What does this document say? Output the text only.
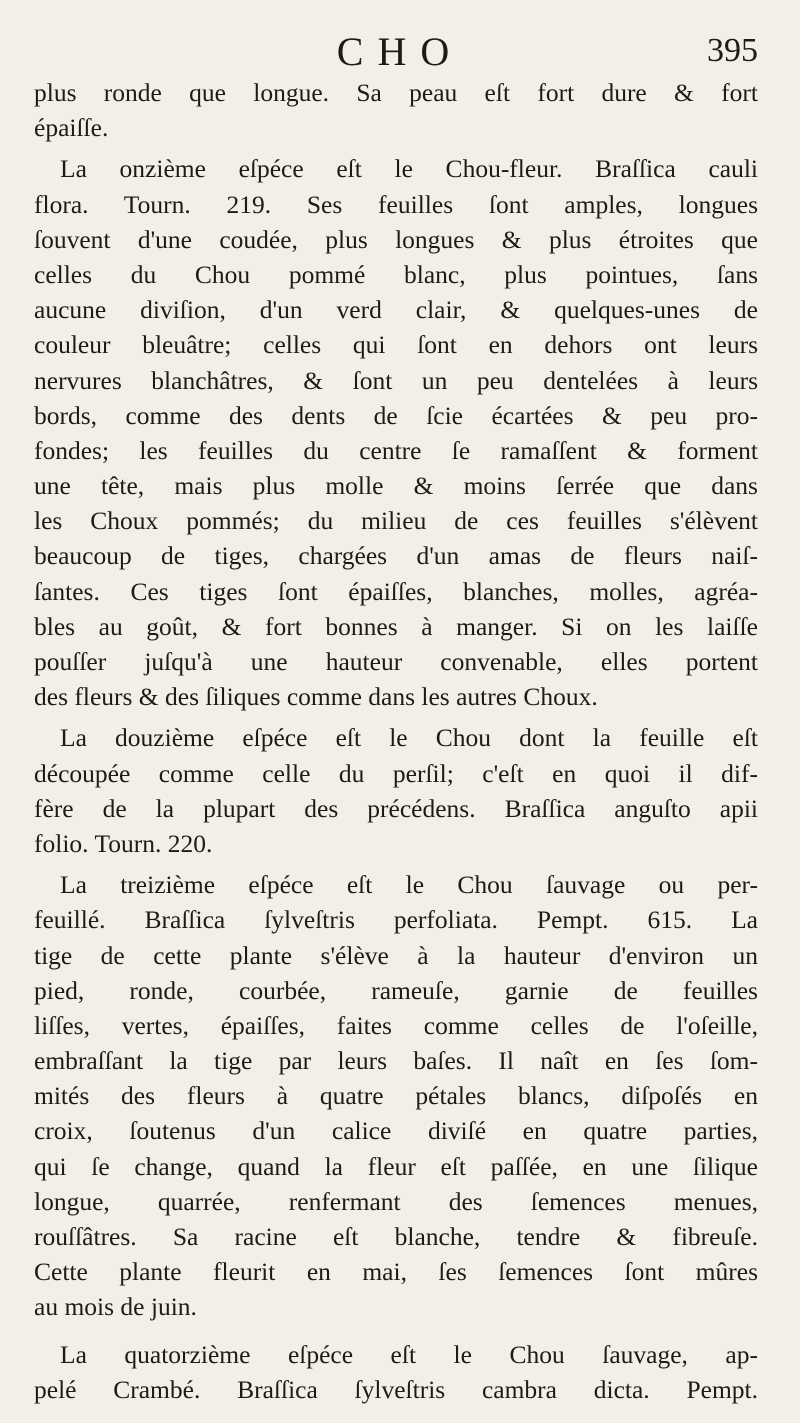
CHO	395
plus ronde que longue. Sa peau eſt fort dure & fort
épaiſſe.
La onzième eſpéce eſt le Chou-fleur. Braſſica cauli
flora. Tourn. 219. Ses feuilles ſont amples, longues
ſouvent d'une coudée, plus longues & plus étroites que
celles du Chou pommé blanc, plus pointues, ſans
aucune diviſion, d'un verd clair, & quelques-unes de
couleur bleuâtre; celles qui ſont en dehors ont leurs
nervures blanchâtres, & ſont un peu dentelées à leurs
bords, comme des dents de ſcie écartées & peu pro-
fondes; les feuilles du centre ſe ramaſſent & forment
une tête, mais plus molle & moins ſerrée que dans
les Choux pommés; du milieu de ces feuilles s'élèvent
beaucoup de tiges, chargées d'un amas de fleurs naiſ-
ſantes. Ces tiges ſont épaiſſes, blanches, molles, agréa-
bles au goût, & fort bonnes à manger. Si on les laiſſe
pouſſer juſqu'à une hauteur convenable, elles portent
des fleurs & des ſiliques comme dans les autres Choux.
La douzième eſpéce eſt le Chou dont la feuille eſt
découpée comme celle du perſil; c'eſt en quoi il dif-
fère de la plupart des précédens. Braſſica anguſto apii
folio. Tourn. 220.
La treizième eſpéce eſt le Chou ſauvage ou per-
feuillé. Braſſica ſylveſtris perfoliata. Pempt. 615. La
tige de cette plante s'élève à la hauteur d'environ un
pied, ronde, courbée, rameuſe, garnie de feuilles
liſſes, vertes, épaiſſes, faites comme celles de l'oſeille,
embraſſant la tige par leurs baſes. Il naît en ſes ſom-
mités des fleurs à quatre pétales blancs, diſpoſés en
croix, ſoutenus d'un calice diviſé en quatre parties,
qui ſe change, quand la fleur eſt paſſée, en une ſilique
longue, quarrée, renfermant des ſemences menues,
rouſſâtres. Sa racine eſt blanche, tendre & fibreuſe.
Cette plante fleurit en mai, ſes ſemences ſont mûres
au mois de juin.
La quatorzième eſpéce eſt le Chou ſauvage, ap-
pelé Crambé. Braſſica ſylveſtris cambra dicta. Pempt.
